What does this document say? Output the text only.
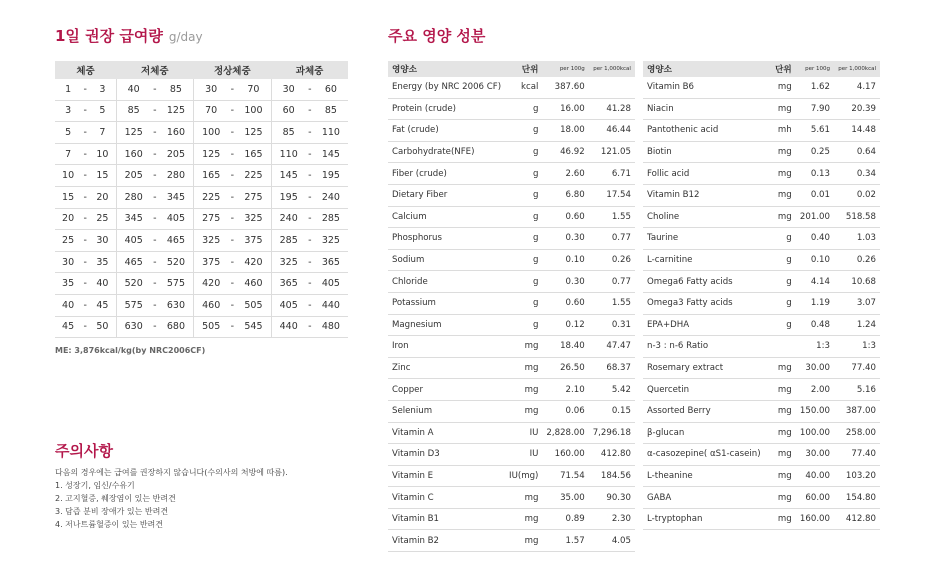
1일 권장 급여량 g/day
체중			저체중			정상체중			과체중		
1	-	3	40	-	85	30	-	70	30	-	60
3	-	5	85	-	125	70	-	100	60	-	85
5	-	7	125	-	160	100	-	125	85	-	110
7	-	10	160	-	205	125	-	165	110	-	145
10	-	15	205	-	280	165	-	225	145	-	195
15	-	20	280	-	345	225	-	275	195	-	240
20	-	25	345	-	405	275	-	325	240	-	285
25	-	30	405	-	465	325	-	375	285	-	325
30	-	35	465	-	520	375	-	420	325	-	365
35	-	40	520	-	575	420	-	460	365	-	405
40	-	45	575	-	630	460	-	505	405	-	440
45	-	50	630	-	680	505	-	545	440	-	480
ME: 3,876kcal/kg(by NRC2006CF)
주요 영양 성분
영양소	단위	per 100g	per 1,000kcal
Energy (by NRC 2006 CF)	kcal	387.60	
Protein (crude)	g	16.00	41.28
Fat (crude)	g	18.00	46.44
Carbohydrate(NFE)	g	46.92	121.05
Fiber (crude)	g	2.60	6.71
Dietary Fiber	g	6.80	17.54
Calcium	g	0.60	1.55
Phosphorus	g	0.30	0.77
Sodium	g	0.10	0.26
Chloride	g	0.30	0.77
Potassium	g	0.60	1.55
Magnesium	g	0.12	0.31
Iron	mg	18.40	47.47
Zinc	mg	26.50	68.37
Copper	mg	2.10	5.42
Selenium	mg	0.06	0.15
Vitamin A	IU	2,828.00	7,296.18
Vitamin D3	IU	160.00	412.80
Vitamin E	IU(mg)	71.54	184.56
Vitamin C	mg	35.00	90.30
Vitamin B1	mg	0.89	2.30
Vitamin B2	mg	1.57	4.05
영양소	단위	per 100g	per 1,000kcal
Vitamin B6	mg	1.62	4.17
Niacin	mg	7.90	20.39
Pantothenic acid	mh	5.61	14.48
Biotin	mg	0.25	0.64
Follic acid	mg	0.13	0.34
Vitamin B12	mg	0.01	0.02
Choline	mg	201.00	518.58
Taurine	g	0.40	1.03
L-carnitine	g	0.10	0.26
Omega6 Fatty acids	g	4.14	10.68
Omega3 Fatty acids	g	1.19	3.07
EPA+DHA	g	0.48	1.24
n-3 : n-6 Ratio		1:3	1:3
Rosemary extract	mg	30.00	77.40
Quercetin	mg	2.00	5.16
Assorted Berry	mg	150.00	387.00
β-glucan	mg	100.00	258.00
α-casozepine( αS1-casein)	mg	30.00	77.40
L-theanine	mg	40.00	103.20
GABA	mg	60.00	154.80
L-tryptophan	mg	160.00	412.80
주의사항
다음의 경우에는 급여를 권장하지 않습니다(수의사의 처방에 따름).
1. 성장기, 임신/수유기
2. 고지혈증, 췌장염이 있는 반려견
3. 담즙 분비 장애가 있는 반려견
4. 저나트륨혈증이 있는 반려견
